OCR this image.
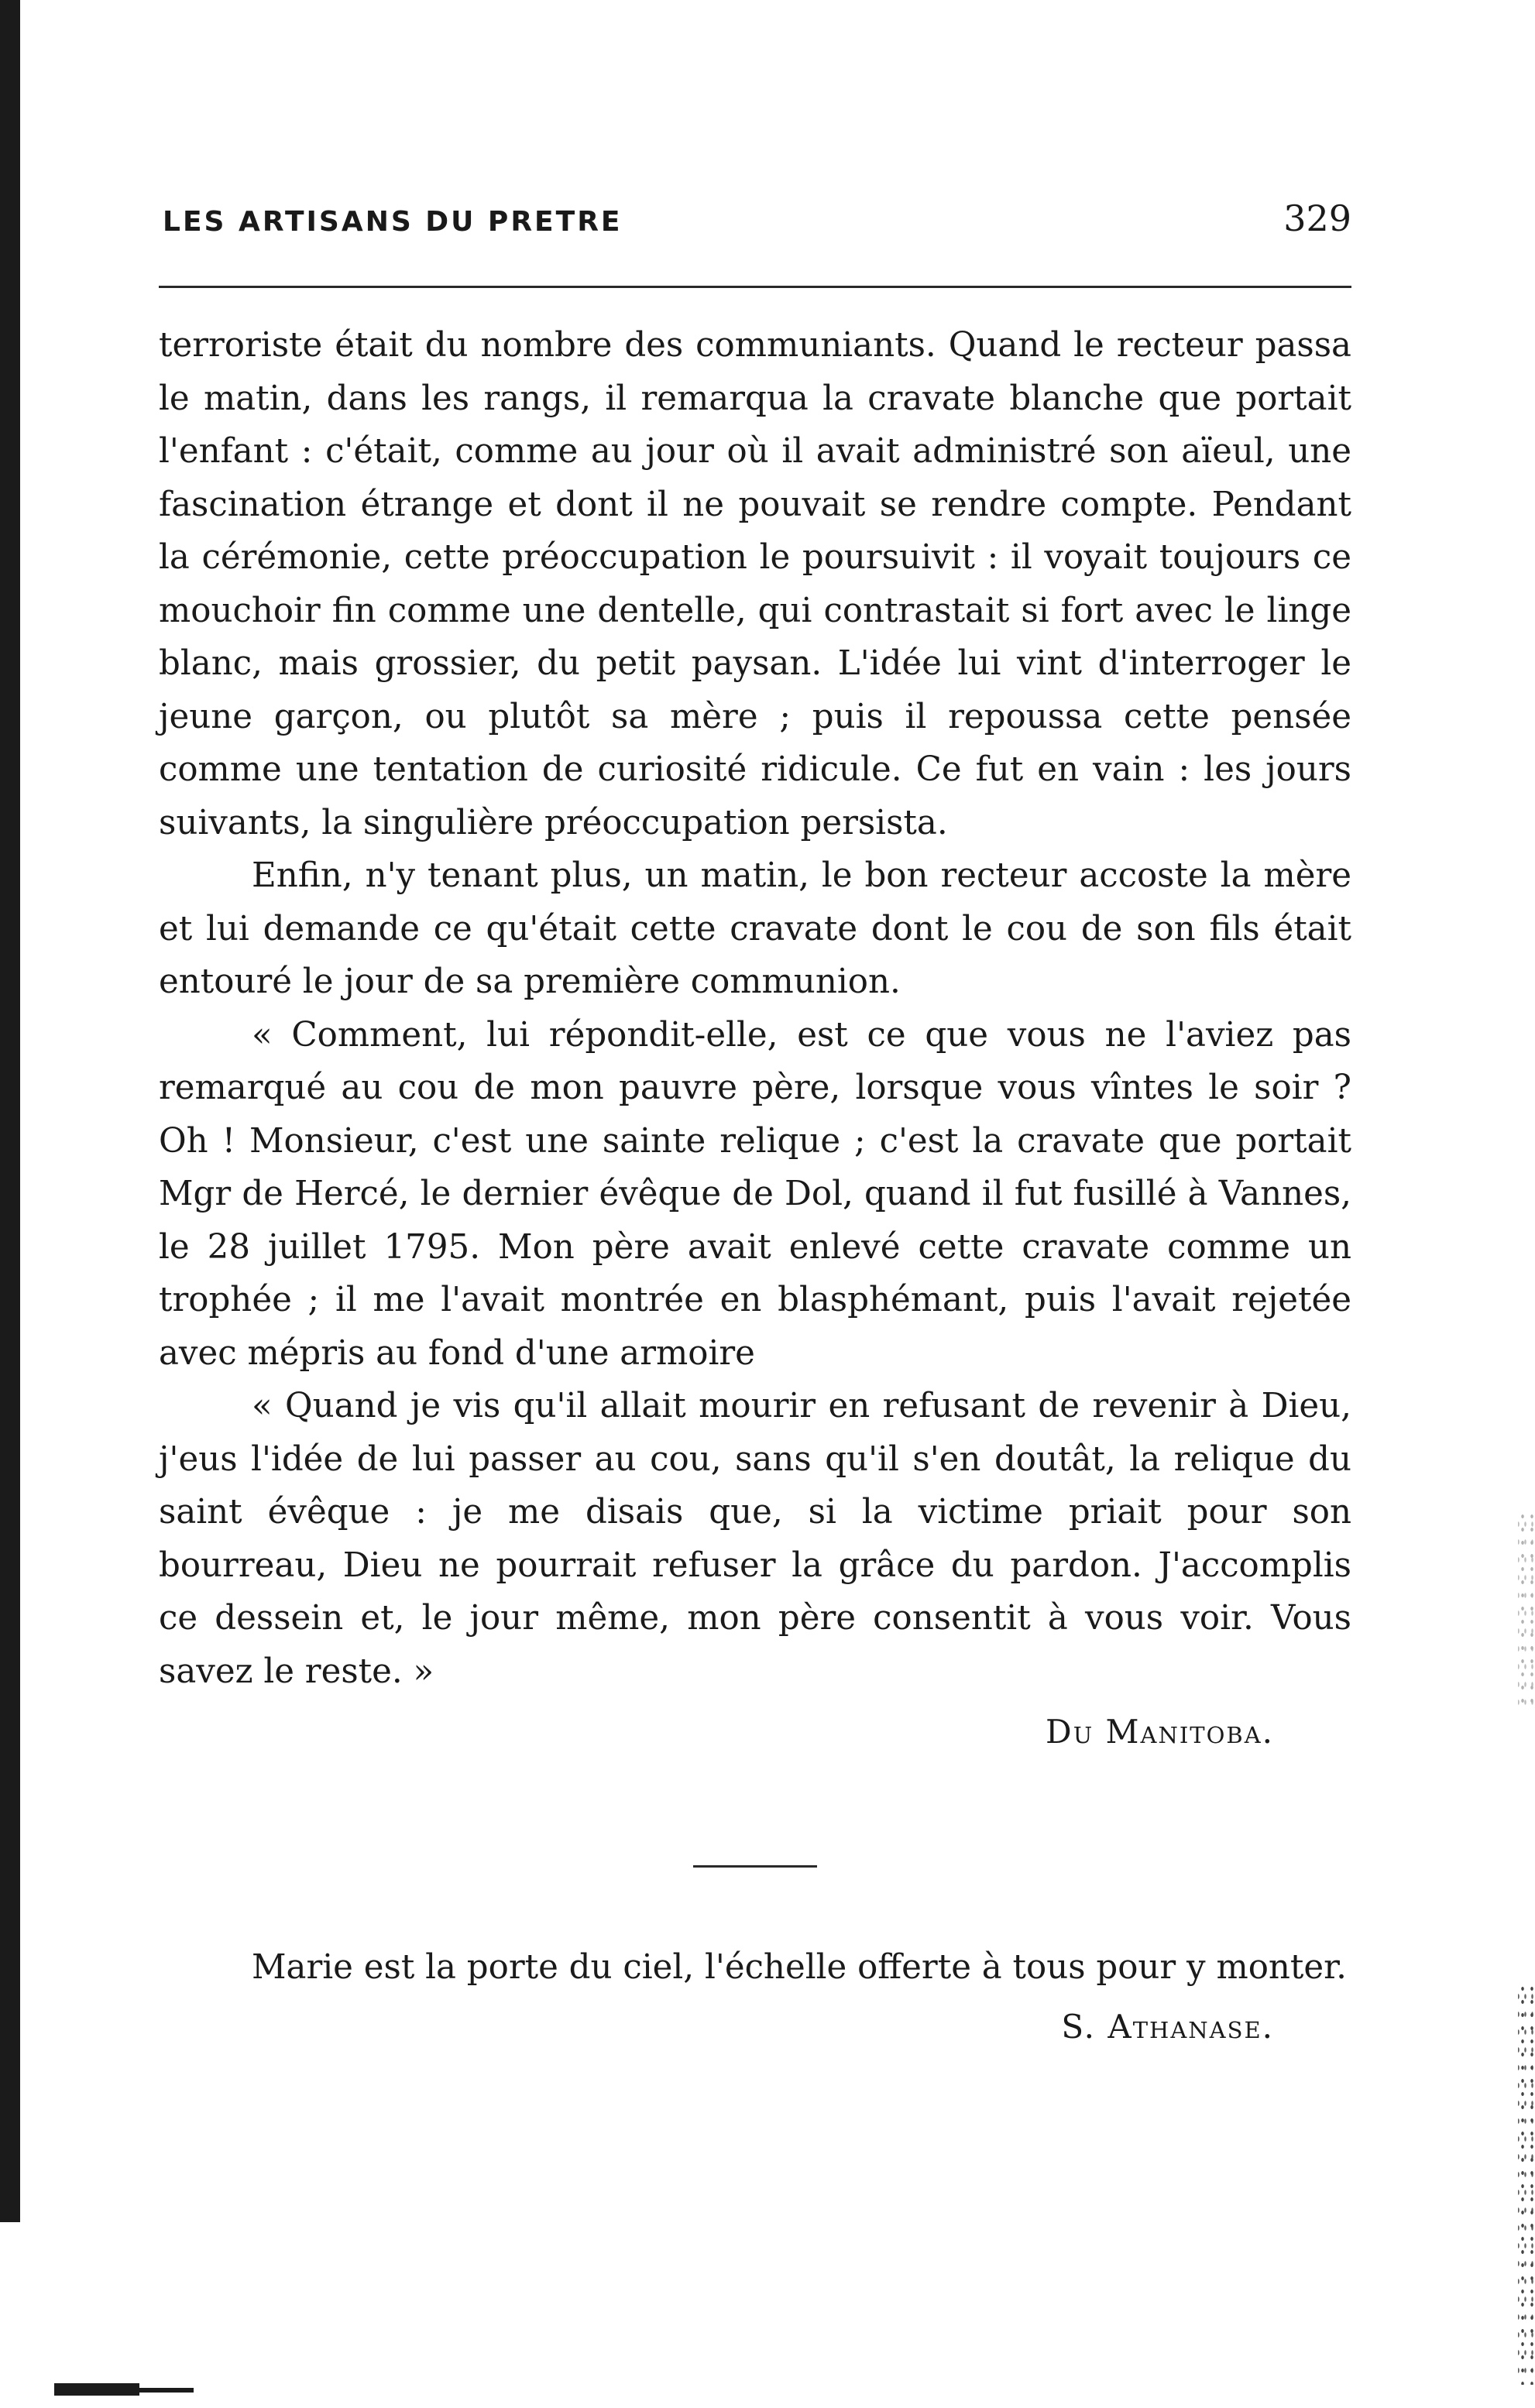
LES ARTISANS DU PRETRE	329

terroriste était du nombre des communiants. Quand le recteur passa le matin, dans les rangs, il remarqua la cravate blanche que portait l'enfant : c'était, comme au jour où il avait administré son aïeul, une fascination étrange et dont il ne pouvait se rendre compte. Pendant la cérémonie, cette préoccupation le poursuivit : il voyait toujours ce mouchoir fin comme une dentelle, qui contrastait si fort avec le linge blanc, mais grossier, du petit paysan. L'idée lui vint d'interroger le jeune garçon, ou plutôt sa mère ; puis il repoussa cette pensée comme une tentation de curiosité ridicule. Ce fut en vain : les jours suivants, la singulière préoccupation persista.

Enfin, n'y tenant plus, un matin, le bon recteur accoste la mère et lui demande ce qu'était cette cravate dont le cou de son fils était entouré le jour de sa première communion.

« Comment, lui répondit-elle, est ce que vous ne l'aviez pas remarqué au cou de mon pauvre père, lorsque vous vîntes le soir ? Oh ! Monsieur, c'est une sainte relique ; c'est la cravate que portait Mgr de Hercé, le dernier évêque de Dol, quand il fut fusillé à Vannes, le 28 juillet 1795. Mon père avait enlevé cette cravate comme un trophée ; il me l'avait montrée en blasphémant, puis l'avait rejetée avec mépris au fond d'une armoire

« Quand je vis qu'il allait mourir en refusant de revenir à Dieu, j'eus l'idée de lui passer au cou, sans qu'il s'en doutât, la relique du saint évêque : je me disais que, si la victime priait pour son bourreau, Dieu ne pourrait refuser la grâce du pardon. J'accomplis ce dessein et, le jour même, mon père consentit à vous voir. Vous savez le reste. »

Du Manitoba.
Marie est la porte du ciel, l'échelle offerte à tous pour y monter.
S. Athanase.
